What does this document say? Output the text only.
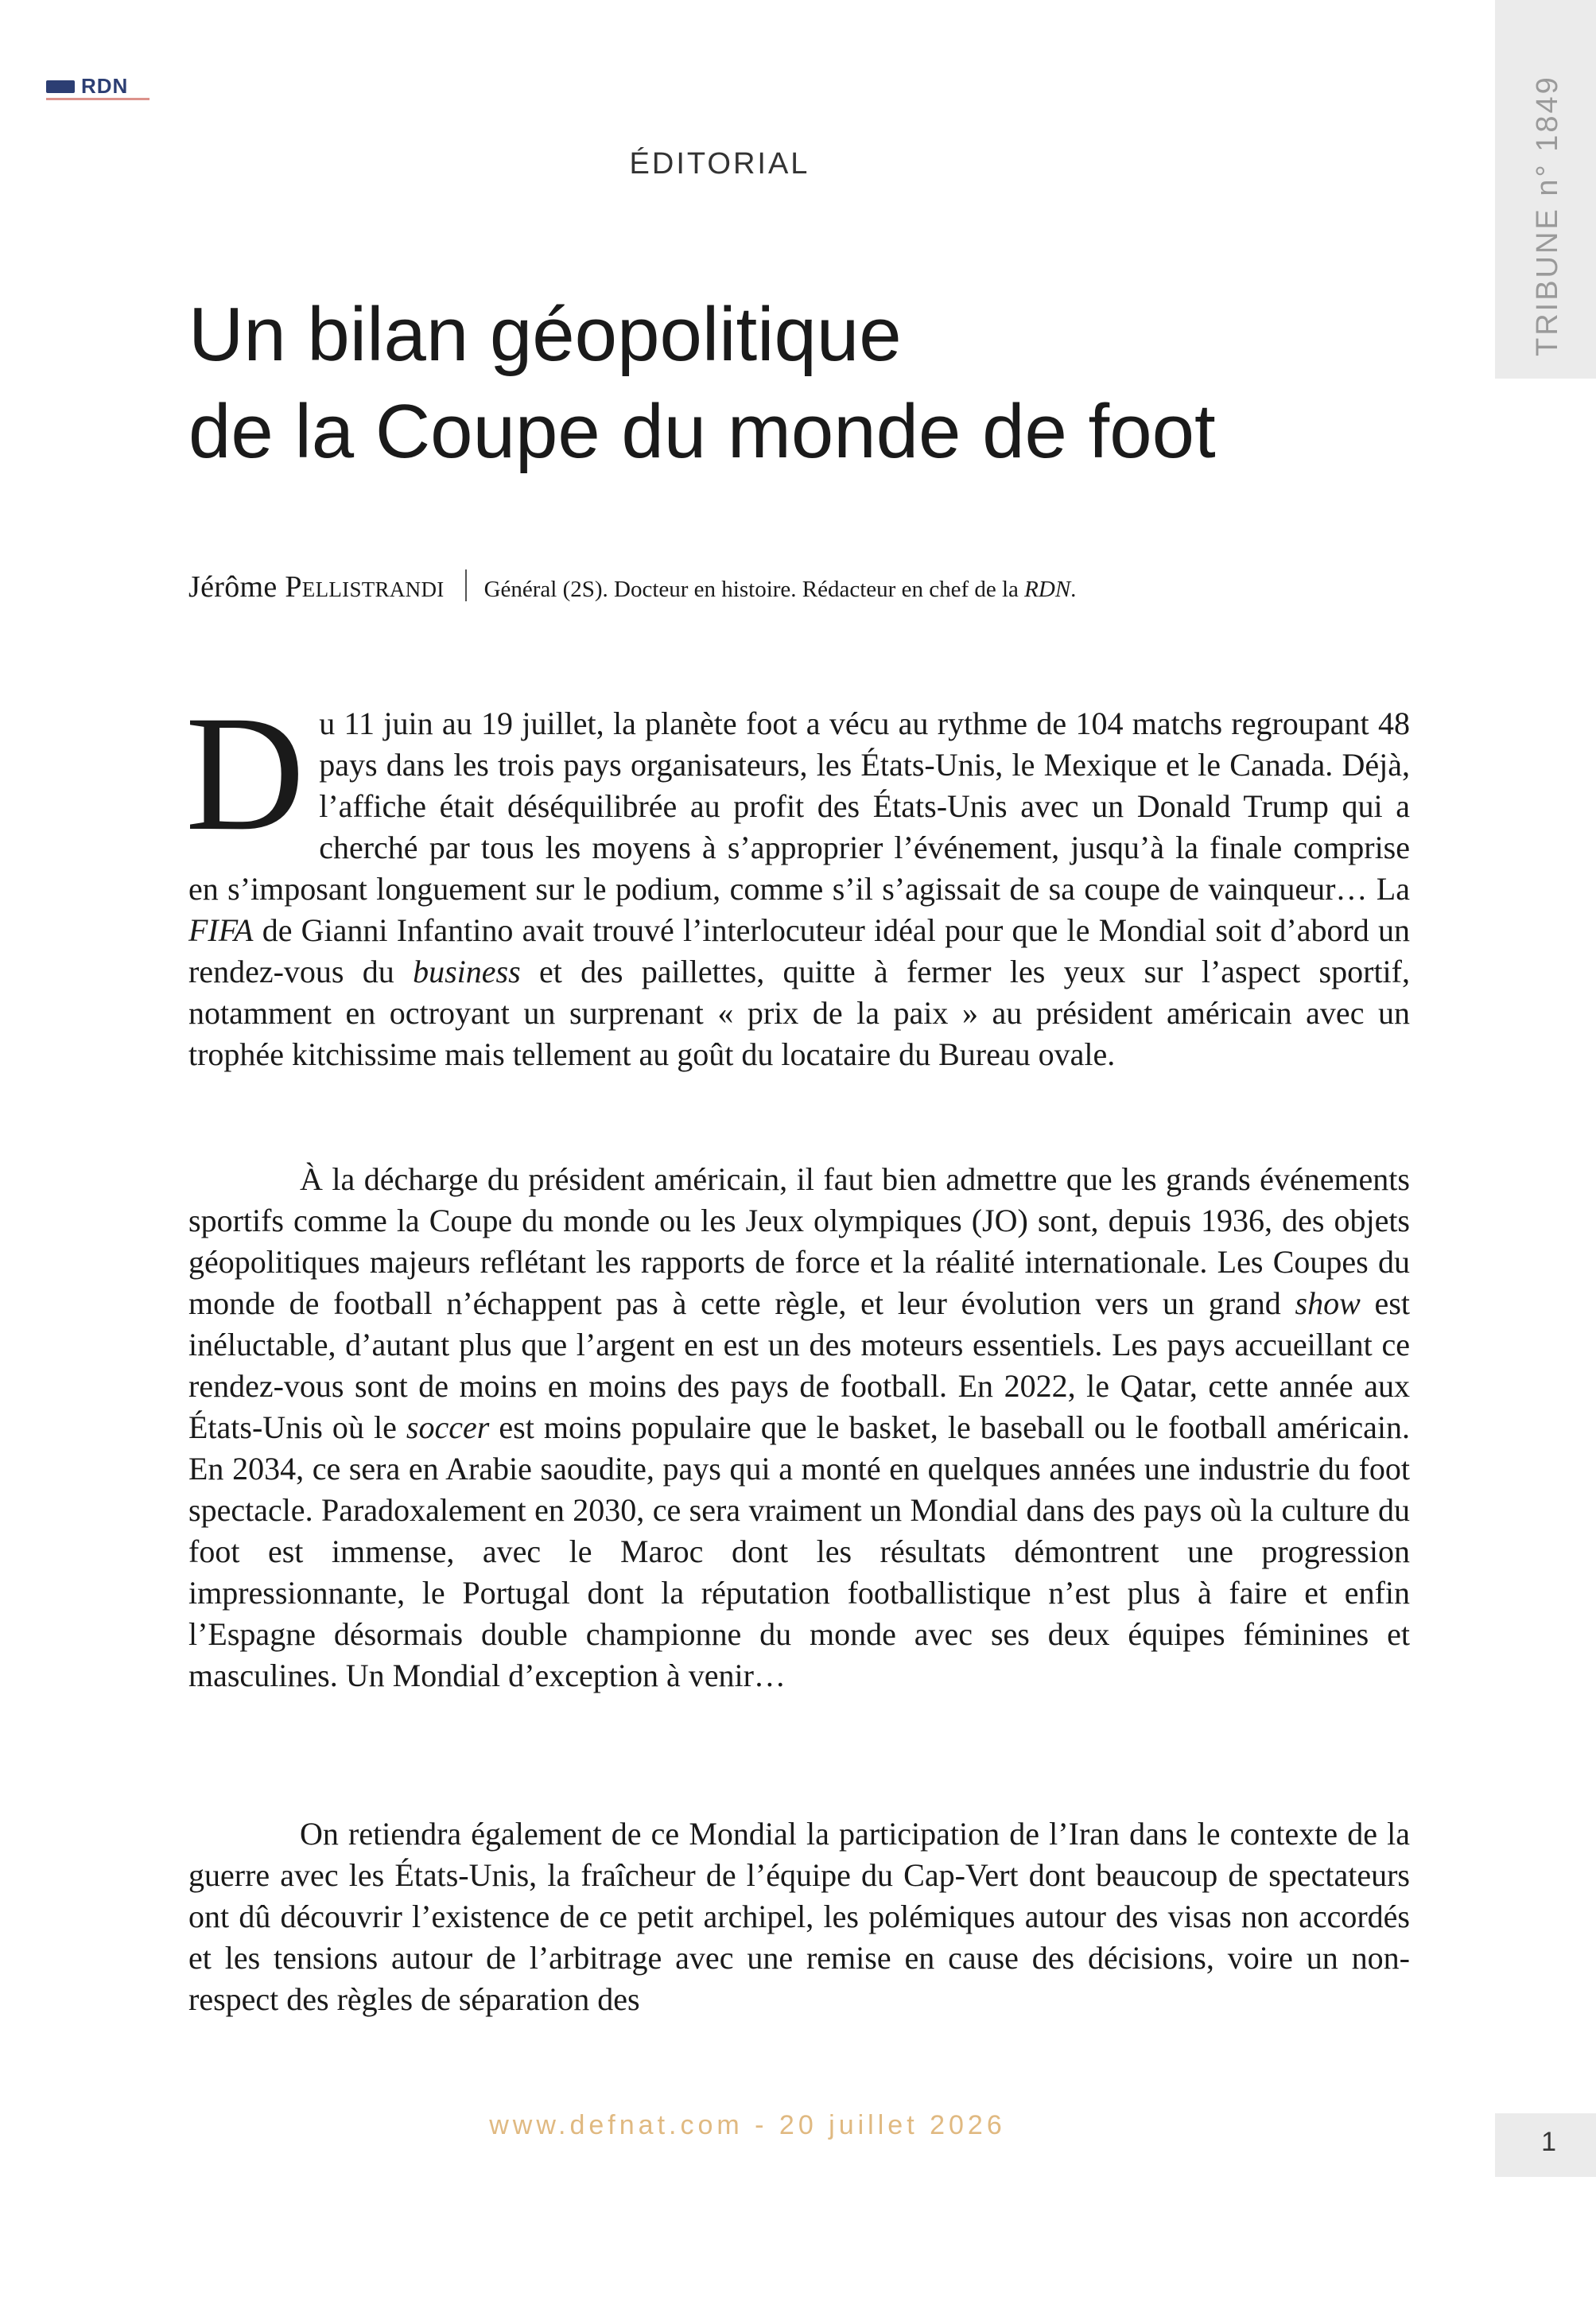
RDN	TRIBUNE n° 1849
ÉDITORIAL
Un bilan géopolitique
de la Coupe du monde de foot
Jérôme Pellistrandi Général (2S). Docteur en histoire. Rédacteur en chef de la RDN.

Du 11 juin au 19 juillet, la planète foot a vécu au rythme de 104 matchs regroupant 48 pays dans les trois pays organisateurs, les États-Unis, le Mexique et le Canada. Déjà, l’affiche était déséquilibrée au profit des États-Unis avec un Donald Trump qui a cherché par tous les moyens à s’approprier l’événement, jusqu’à la finale comprise en s’imposant longuement sur le podium, comme s’il s’agissait de sa coupe de vainqueur… La FIFA de Gianni Infantino avait trouvé l’interlocuteur idéal pour que le Mondial soit d’abord un rendez-vous du business et des paillettes, quitte à fermer les yeux sur l’aspect sportif, notamment en octroyant un surprenant « prix de la paix » au président américain avec un trophée kitchissime mais tellement au goût du locataire du Bureau ovale.

À la décharge du président américain, il faut bien admettre que les grands événements sportifs comme la Coupe du monde ou les Jeux olympiques (JO) sont, depuis 1936, des objets géopolitiques majeurs reflétant les rapports de force et la réalité internationale. Les Coupes du monde de football n’échappent pas à cette règle, et leur évolution vers un grand show est inéluctable, d’autant plus que l’argent en est un des moteurs essentiels. Les pays accueillant ce rendez-vous sont de moins en moins des pays de football. En 2022, le Qatar, cette année aux États-Unis où le soccer est moins populaire que le basket, le baseball ou le football américain. En 2034, ce sera en Arabie saoudite, pays qui a monté en quelques années une industrie du foot spectacle. Paradoxalement en 2030, ce sera vraiment un Mondial dans des pays où la culture du foot est immense, avec le Maroc dont les résultats démontrent une progression impressionnante, le Portugal dont la réputation footballistique n’est plus à faire et enfin l’Espagne désormais double championne du monde avec ses deux équipes féminines et masculines. Un Mondial d’exception à venir…

On retiendra également de ce Mondial la participation de l’Iran dans le contexte de la guerre avec les États-Unis, la fraîcheur de l’équipe du Cap-Vert dont beaucoup de spectateurs ont dû découvrir l’existence de ce petit archipel, les polémiques autour des visas non accordés et les tensions autour de l’arbitrage avec une remise en cause des décisions, voire un non-respect des règles de séparation des

www.defnat.com - 20 juillet 2026
1
